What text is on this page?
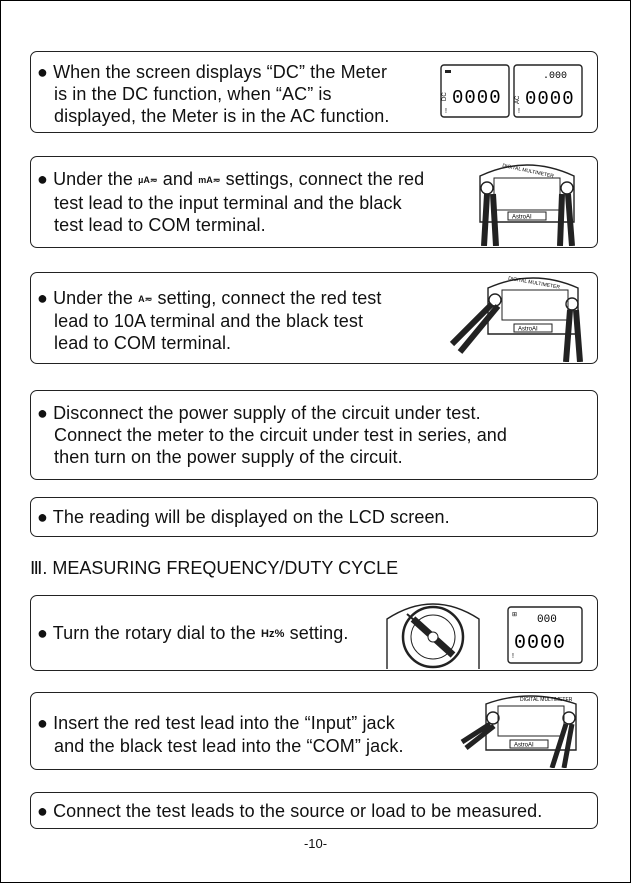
● When the screen displays “DC” the Meter
is in the DC function, when “AC” is
displayed, the Meter is in the AC function.
DC 0000
!
.000
AC 0000
!
● Under the µA≂ and mA≂ settings, connect the red
test lead to the input terminal and the black
test lead to COM terminal.
DIGITAL MULTIMETER
AstroAI
● Under the A≂ setting, connect the red test
lead to 10A terminal and the black test
lead to COM terminal.
DIGITAL MULTIMETER
AstroAI
● Disconnect the power supply of the circuit under test.
Connect the meter to the circuit under test in series, and
then turn on the power supply of the circuit.
● The reading will be displayed on the LCD screen.
Ⅲ. MEASURING FREQUENCY/DUTY CYCLE
● Turn the rotary dial to the Hz% setting.
⊞ 000
0000
!
● Insert the red test lead into the “Input” jack
and the black test lead into the “COM” jack.
DIGITAL MULTIMETER
AstroAI
● Connect the test leads to the source or load to be measured.
-10-
